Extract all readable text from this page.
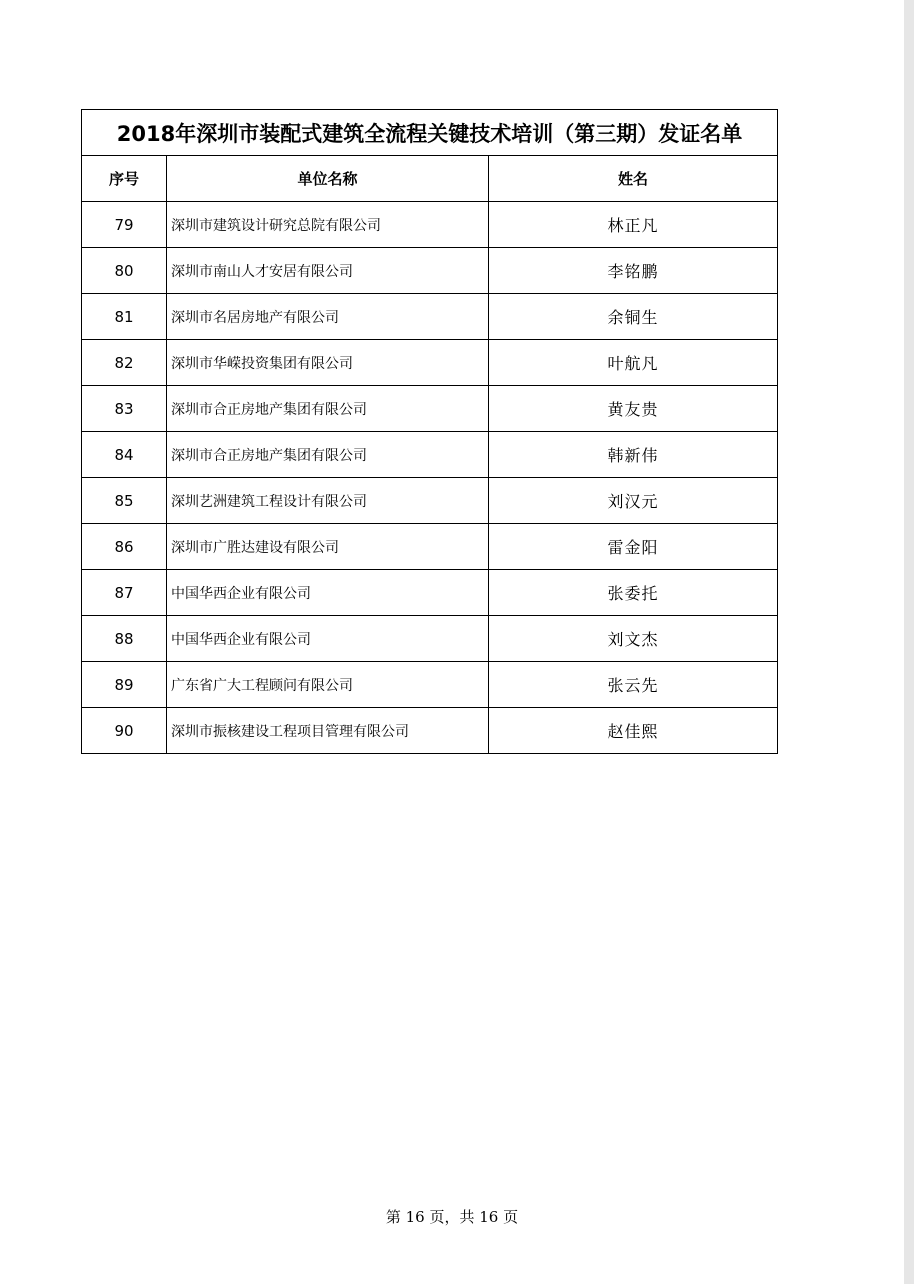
2018年深圳市装配式建筑全流程关键技术培训（第三期）发证名单		
序号	单位名称	姓名
79	深圳市建筑设计研究总院有限公司	林正凡
80	深圳市南山人才安居有限公司	李铭鹏
81	深圳市名居房地产有限公司	余铜生
82	深圳市华嵘投资集团有限公司	叶航凡
83	深圳市合正房地产集团有限公司	黄友贵
84	深圳市合正房地产集团有限公司	韩新伟
85	深圳艺洲建筑工程设计有限公司	刘汉元
86	深圳市广胜达建设有限公司	雷金阳
87	中国华西企业有限公司	张委托
88	中国华西企业有限公司	刘文杰
89	广东省广大工程顾问有限公司	张云先
90	深圳市振核建设工程项目管理有限公司	赵佳熙
第 16 页，共 16 页
